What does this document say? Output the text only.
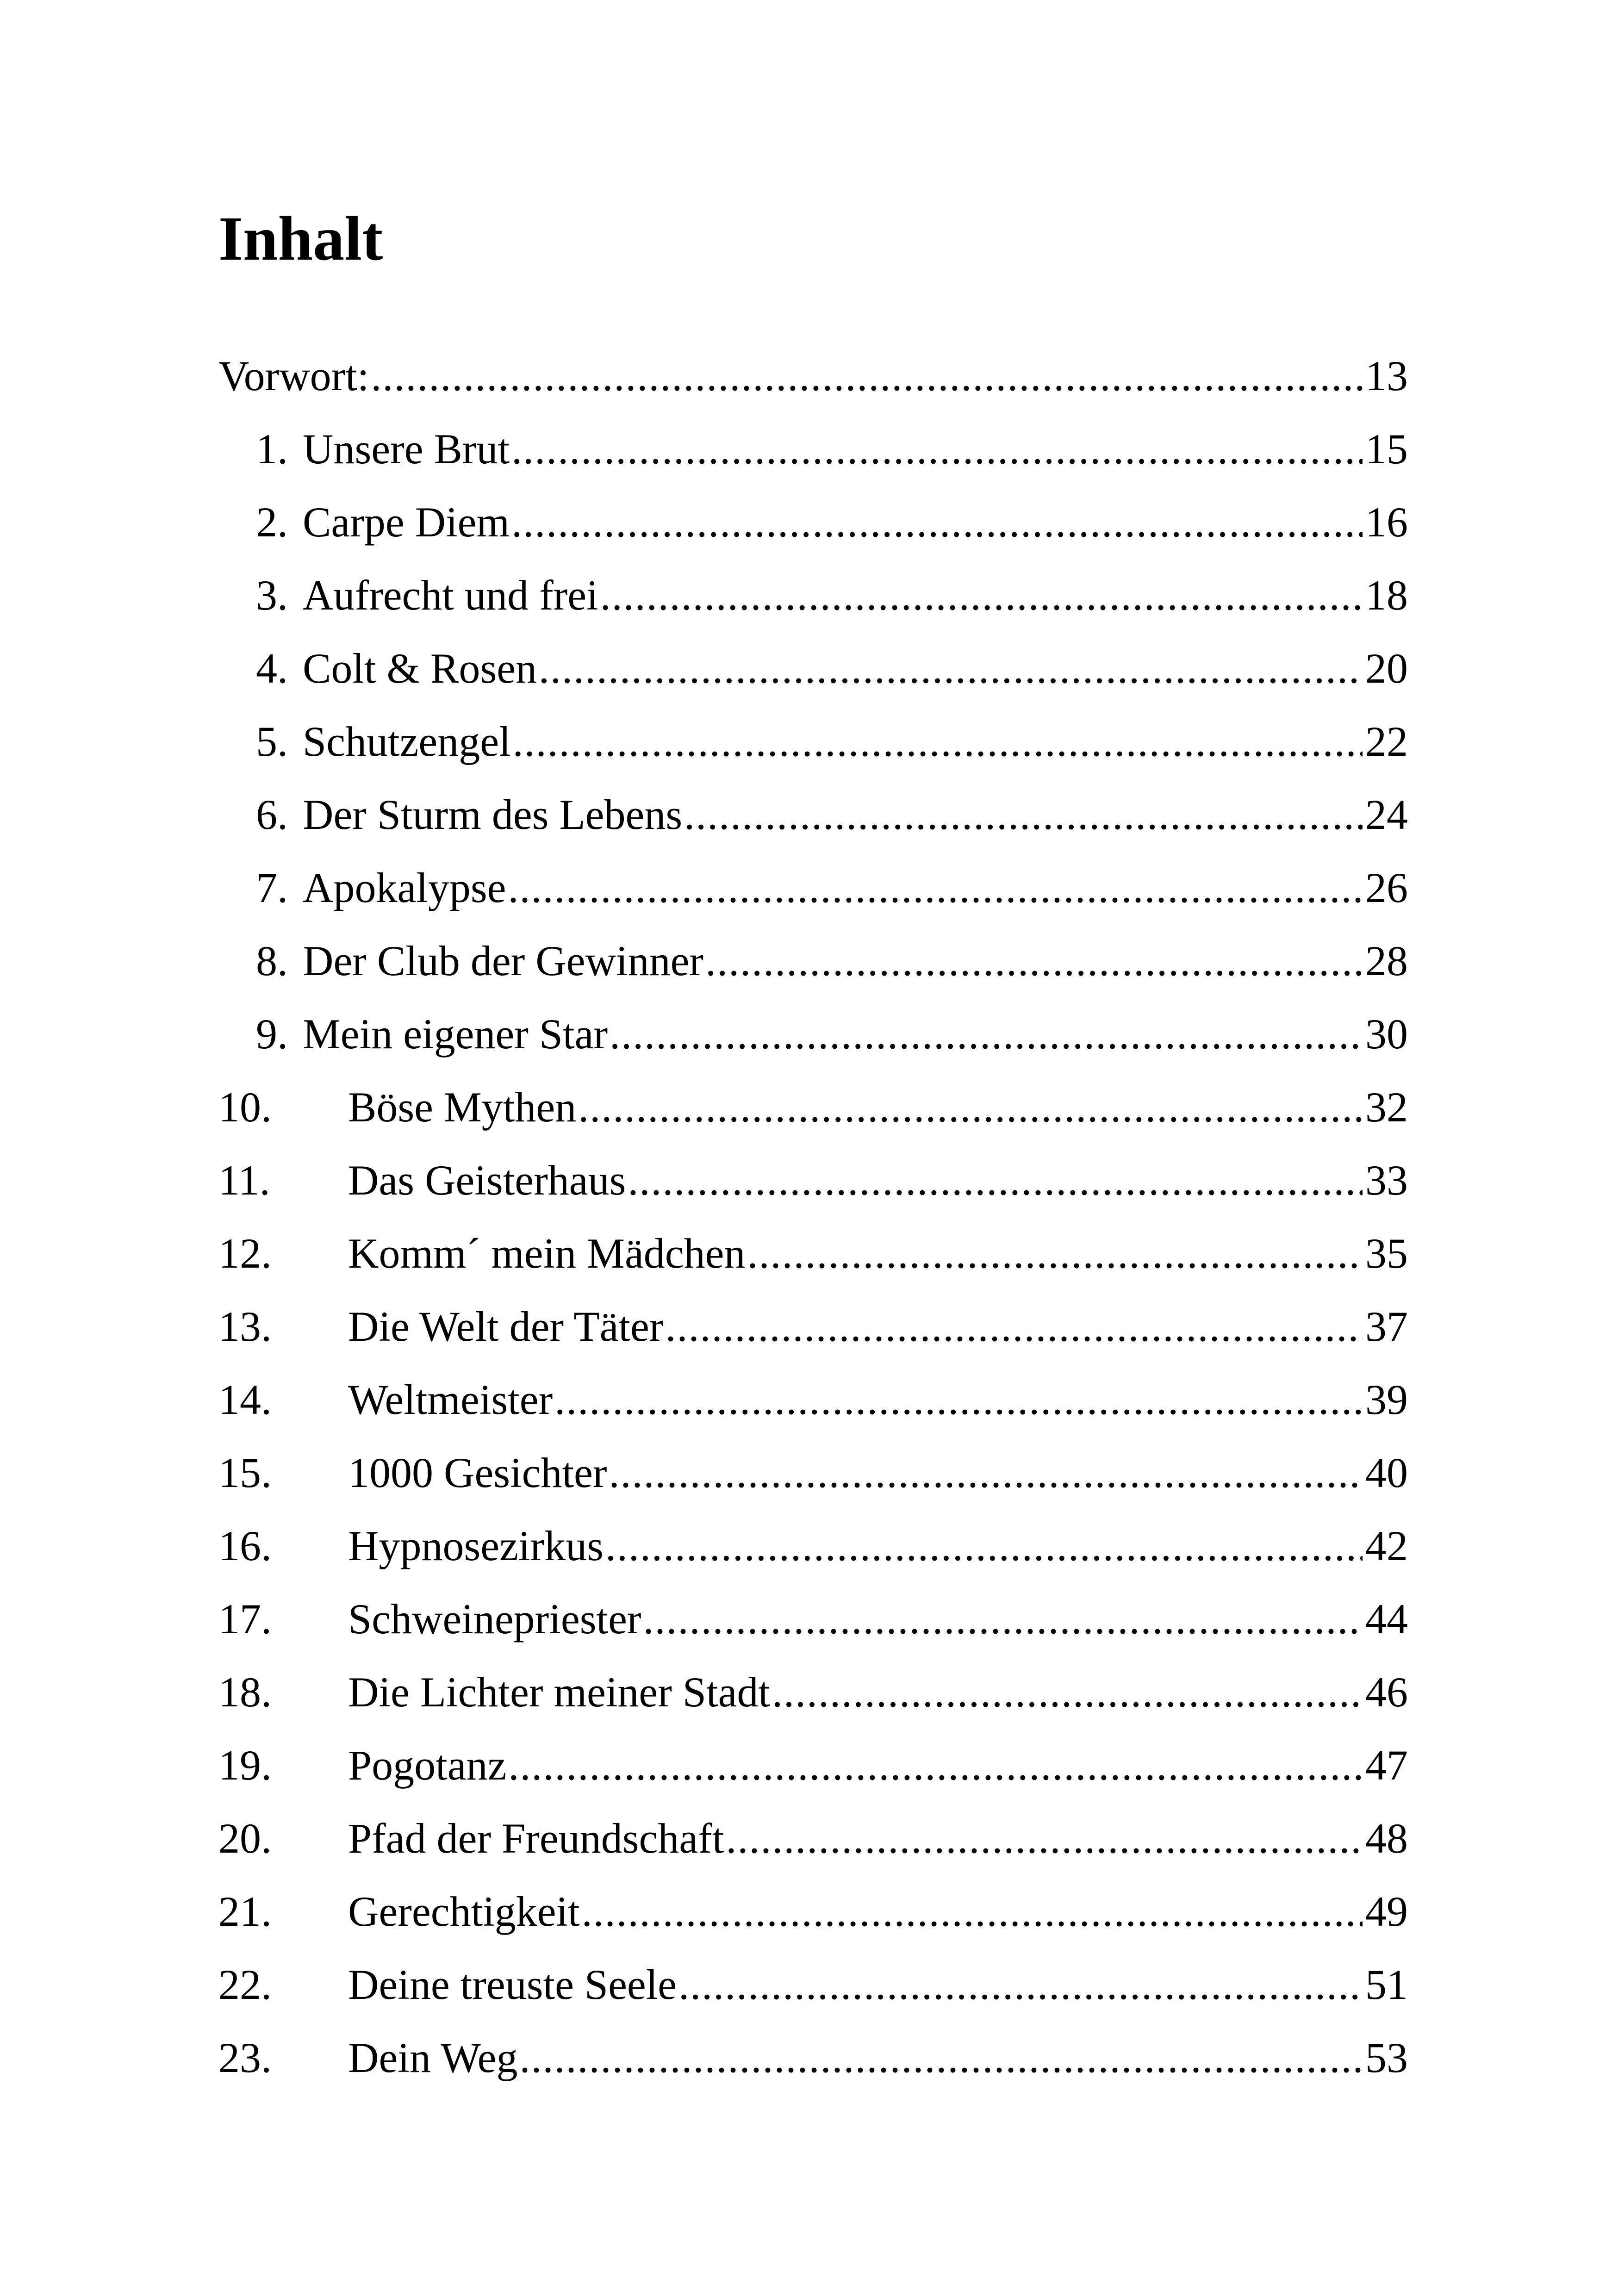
Inhalt
Vorwort: .....	13
1. Unsere Brut .....	15
2. Carpe Diem .....	16
3. Aufrecht und frei .....	18
4. Colt & Rosen .....	20
5. Schutzengel .....	22
6. Der Sturm des Lebens .....	24
7. Apokalypse .....	26
8. Der Club der Gewinner .....	28
9. Mein eigener Star .....	30
10. Böse Mythen .....	32
11. Das Geisterhaus .....	33
12. Komm´ mein Mädchen .....	35
13. Die Welt der Täter .....	37
14. Weltmeister .....	39
15. 1000 Gesichter .....	40
16. Hypnosezirkus .....	42
17. Schweinepriester .....	44
18. Die Lichter meiner Stadt .....	46
19. Pogotanz .....	47
20. Pfad der Freundschaft .....	48
21. Gerechtigkeit .....	49
22. Deine treuste Seele .....	51
23. Dein Weg .....	53
